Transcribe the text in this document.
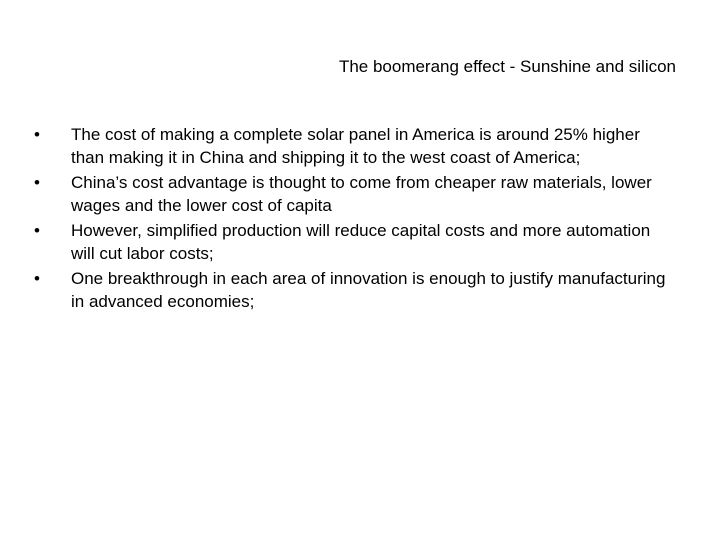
The boomerang effect - Sunshine and silicon
•	The cost of making a complete solar panel in America is around 25% higher than making it in China and shipping it to the west coast of America;
•	China’s cost advantage is thought to come from cheaper raw materials, lower wages and the lower cost of capita
•	However, simplified production will reduce capital costs and more automation will cut labor costs;
•	One breakthrough in each area of innovation is enough to justify manufacturing in advanced economies;
